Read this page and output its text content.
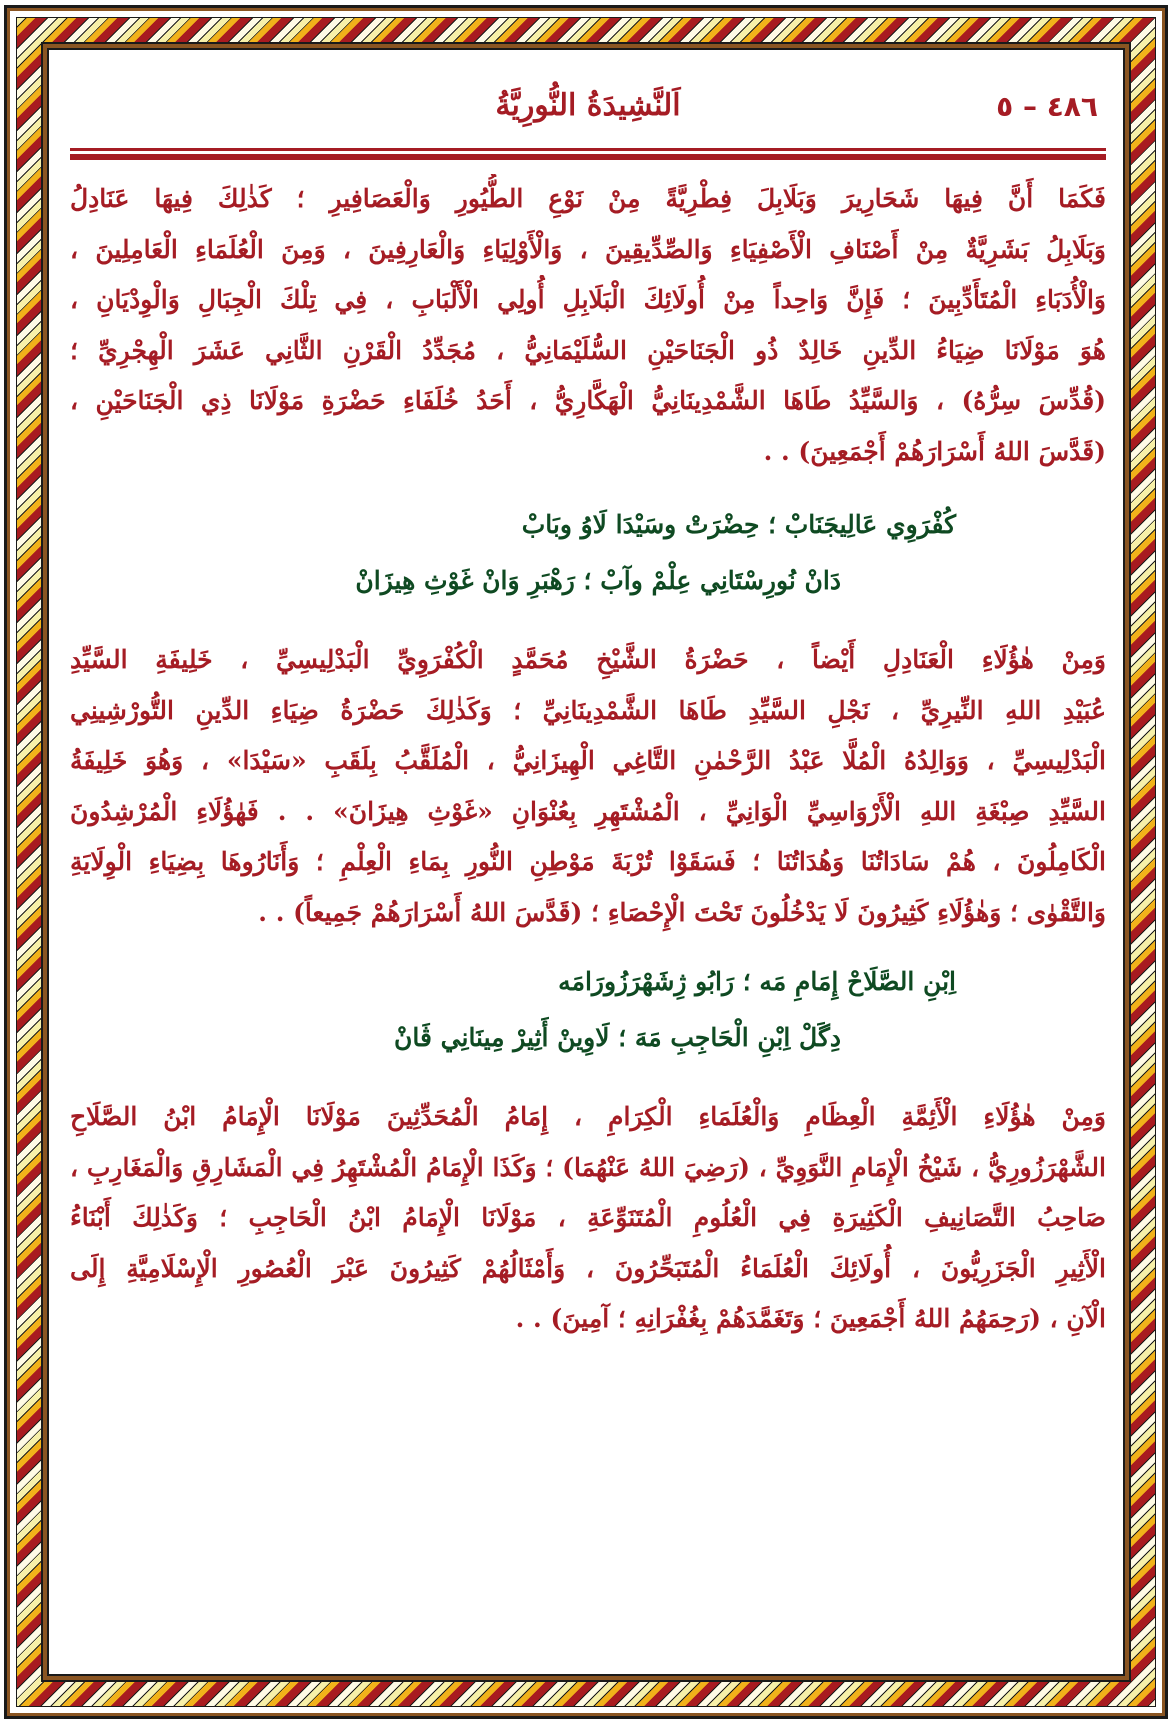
٤٨٦ – ٥
اَلنَّشِيدَةُ النُّورِيَّةُ
فَكَمَا أَنَّ فِيهَا شَحَارِيرَ وَبَلَابِلَ فِطْرِيَّةً مِنْ نَوْعِ الطُّيُورِ وَالْعَصَافِيرِ ؛ كَذٰلِكَ فِيهَا عَنَادِلُ
وَبَلَابِلُ بَشَرِيَّةٌ مِنْ أَصْنَافِ الْأَصْفِيَاءِ وَالصِّدِّيقِينَ ، وَالْأَوْلِيَاءِ وَالْعَارِفِينَ ، وَمِنَ الْعُلَمَاءِ الْعَامِلِينَ ،
وَالْأُدَبَاءِ الْمُتَأَدِّبِينَ ؛ فَإِنَّ وَاحِداً مِنْ أُولَائِكَ الْبَلَابِلِ أُولِي الْأَلْبَابِ ، فِي تِلْكَ الْجِبَالِ وَالْوِدْيَانِ ،
هُوَ مَوْلَانَا ضِيَاءُ الدِّينِ خَالِدٌ ذُو الْجَنَاحَيْنِ السُّلَيْمَانِيُّ ، مُجَدِّدُ الْقَرْنِ الثَّانِي عَشَرَ الْهِجْرِيِّ ؛
(قُدِّسَ سِرُّهُ) ، وَالسَّيِّدُ طَاهَا الشَّمْدِينَانِيُّ الْهَكَّارِيُّ ، أَحَدُ خُلَفَاءِ حَضْرَةِ مَوْلَانَا ذِي الْجَنَاحَيْنِ ،
(قَدَّسَ اللهُ أَسْرَارَهُمْ أَجْمَعِينَ) . .
كُفْرَوِي عَالِيجَنَابْ ؛ حِضْرَتْ وسَيْدَا لَاوُ وبَابْ
دَانْ نُورِسْتَانِي عِلْمْ وآبْ ؛ رَهْبَرِ وَانْ غَوْثِ هِيزَانْ
وَمِنْ هٰؤُلَاءِ الْعَنَادِلِ أَيْضاً ، حَضْرَةُ الشَّيْخِ مُحَمَّدٍ الْكُفْرَوِيِّ الْبَدْلِيسِيِّ ، خَلِيفَةِ السَّيِّدِ
عُبَيْدِ اللهِ النِّيرِيِّ ، نَجْلِ السَّيِّدِ طَاهَا الشَّمْدِينَانِيِّ ؛ وَكَذٰلِكَ حَضْرَةُ ضِيَاءِ الدِّينِ التُّورْشِينِي
الْبَدْلِيسِيِّ ، وَوَالِدُهُ الْمُلَّا عَبْدُ الرَّحْمٰنِ التَّاغِي الْهِيزَانِيُّ ، الْمُلَقَّبُ بِلَقَبِ «سَيْدَا» ، وَهُوَ خَلِيفَةُ
السَّيِّدِ صِبْغَةِ اللهِ الْأَرْوَاسِيِّ الْوَانِيِّ ، الْمُشْتَهِرِ بِعُنْوَانِ «غَوْثِ هِيزَانَ» . . فَهٰؤُلَاءِ الْمُرْشِدُونَ
الْكَامِلُونَ ، هُمْ سَادَاتُنَا وَهُدَاتُنَا ؛ فَسَقَوْا تُرْبَةَ مَوْطِنِ النُّورِ بِمَاءِ الْعِلْمِ ؛ وَأَنَارُوهَا بِضِيَاءِ الْوِلَايَةِ
وَالتَّقْوٰى ؛ وَهٰؤُلَاءِ كَثِيرُونَ لَا يَدْخُلُونَ تَحْتَ الْإِحْصَاءِ ؛ (قَدَّسَ اللهُ أَسْرَارَهُمْ جَمِيعاً) . .
اِبْنِ الصَّلَاحْ إِمَامِ مَه ؛ رَابُو ژِشَهْرَزُورَامَه
دِگَلْ اِبْنِ الْحَاجِبِ مَهَ ؛ لَاوِينْ أَثِيرْ مِينَانِي ڤَانْ
وَمِنْ هٰؤُلَاءِ الْأَئِمَّةِ الْعِظَامِ وَالْعُلَمَاءِ الْكِرَامِ ، إِمَامُ الْمُحَدِّثِينَ مَوْلَانَا الْإِمَامُ ابْنُ الصَّلَاحِ
الشَّهْرَزُورِيُّ ، شَيْخُ الْإِمَامِ النَّوَوِيِّ ، (رَضِيَ اللهُ عَنْهُمَا) ؛ وَكَذَا الْإِمَامُ الْمُشْتَهِرُ فِي الْمَشَارِقِ وَالْمَغَارِبِ ،
صَاحِبُ التَّصَانِيفِ الْكَثِيرَةِ فِي الْعُلُومِ الْمُتَنَوِّعَةِ ، مَوْلَانَا الْإِمَامُ ابْنُ الْحَاجِبِ ؛ وَكَذٰلِكَ أَبْنَاءُ
الْأَثِيرِ الْجَزَرِيُّونَ ، أُولَائِكَ الْعُلَمَاءُ الْمُتَبَحِّرُونَ ، وَأَمْثَالُهُمْ كَثِيرُونَ عَبْرَ الْعُصُورِ الْإِسْلَامِيَّةِ إِلَى
الْآنِ ، (رَحِمَهُمُ اللهُ أَجْمَعِينَ ؛ وَتَغَمَّدَهُمْ بِغُفْرَانِهِ ؛ آمِينَ) . .
